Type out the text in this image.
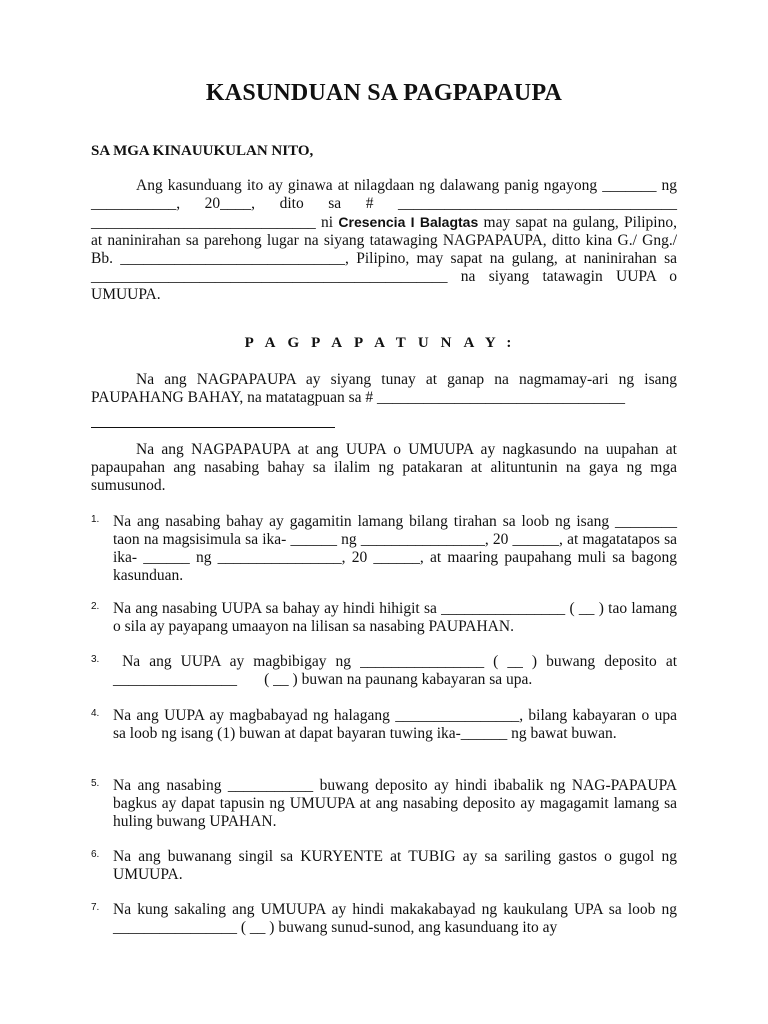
KASUNDUAN SA PAGPAPAUPA
SA MGA KINAUUKULAN NITO,
Ang kasunduang ito ay ginawa at nilagdaan ng dalawang panig ngayong _______ ng ___________, 20____, dito sa # ____________________________________ _____________________________ ni Cresencia I Balagtas may sapat na gulang, Pilipino, at naninirahan sa parehong lugar na siyang tatawaging NAGPAPAUPA, ditto kina G./ Gng./ Bb. _____________________________, Pilipino, may sapat na gulang, at naninirahan sa ______________________________________________ na siyang tatawagin UUPA o UMUUPA.
PAGPAPATUNAY:
Na ang NAGPAPAUPA ay siyang tunay at ganap na nagmamay-ari ng isang PAUPAHANG BAHAY, na matatagpuan sa # ________________________________
Na ang NAGPAPAUPA at ang UUPA o UMUUPA ay nagkasundo na uupahan at papaupahan ang nasabing bahay sa ilalim ng patakaran at alituntunin na gaya ng mga sumusunod.
1. Na ang nasabing bahay ay gagamitin lamang bilang tirahan sa loob ng isang ________ taon na magsisimula sa ika- ______ ng ________________, 20 ______, at magatatapos sa ika- ______ ng ________________, 20 ______, at maaring paupahang muli sa bagong kasunduan.
2. Na ang nasabing UUPA sa bahay ay hindi hihigit sa ________________ ( __ ) tao lamang o sila ay payapang umaayon na lilisan sa nasabing PAUPAHAN.
3. Na ang UUPA ay magbibigay ng ________________ ( __ ) buwang deposito at ________________       ( __ ) buwan na paunang kabayaran sa upa.
4. Na ang UUPA ay magbabayad ng halagang ________________, bilang kabayaran o upa sa loob ng isang (1) buwan at dapat bayaran tuwing ika-______ ng bawat buwan.
5. Na ang nasabing ___________ buwang deposito ay hindi ibabalik ng NAG-PAPAUPA bagkus ay dapat tapusin ng UMUUPA at ang nasabing deposito ay magagamit lamang sa huling buwang UPAHAN.
6. Na ang buwanang singil sa KURYENTE at TUBIG ay sa sariling gastos o gugol ng UMUUPA.
7. Na kung sakaling ang UMUUPA ay hindi makakabayad ng kaukulang UPA sa loob ng ________________ ( __ ) buwang sunud-sunod, ang kasunduang ito ay
